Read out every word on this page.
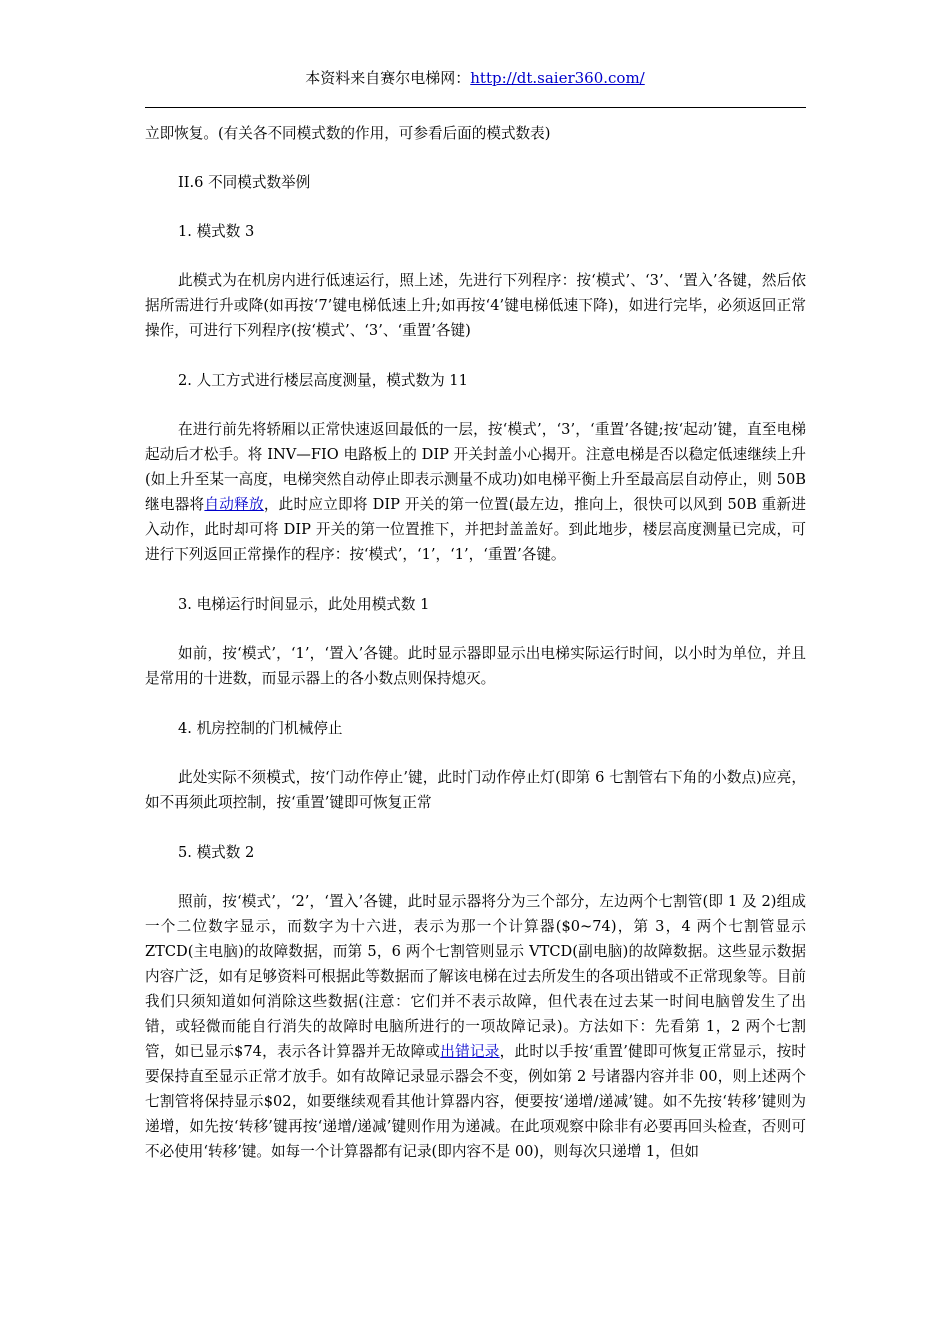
本资料来自赛尔电梯网：http://dt.saier360.com/

立即恢复。(有关各不同模式数的作用，可参看后面的模式数表)

II.6 不同模式数举例

1. 模式数 3

此模式为在机房内进行低速运行，照上述，先进行下列程序：按‘模式’、‘3’、‘置入’各键，然后依据所需进行升或降(如再按‘7’键电梯低速上升;如再按‘4’键电梯低速下降)，如进行完毕，必须返回正常操作，可进行下列程序(按‘模式’、‘3’、‘重置’各键)

2. 人工方式进行楼层高度测量，模式数为 11

在进行前先将轿厢以正常快速返回最低的一层，按‘模式’，‘3’，‘重置’各键;按‘起动’键，直至电梯起动后才松手。将 INV—FIO 电路板上的 DIP 开关封盖小心揭开。注意电梯是否以稳定低速继续上升(如上升至某一高度，电梯突然自动停止即表示测量不成功)如电梯平衡上升至最高层自动停止，则 50B 继电器将自动释放，此时应立即将 DIP 开关的第一位置(最左边，推向上，很快可以风到 50B 重新进入动作，此时却可将 DIP 开关的第一位置推下，并把封盖盖好。到此地步，楼层高度测量已完成，可进行下列返回正常操作的程序：按‘模式’，‘1’，‘1’，‘重置’各键。

3. 电梯运行时间显示，此处用模式数 1

如前，按‘模式’，‘1’，‘置入’各键。此时显示器即显示出电梯实际运行时间，以小时为单位，并且是常用的十进数，而显示器上的各小数点则保持熄灭。

4. 机房控制的门机械停止

此处实际不须模式，按‘门动作停止’键，此时门动作停止灯(即第 6 七割管右下角的小数点)应亮，如不再须此项控制，按‘重置’键即可恢复正常

5. 模式数 2

照前，按‘模式’，‘2’，‘置入’各键，此时显示器将分为三个部分，左边两个七割管(即 1 及 2)组成一个二位数字显示，而数字为十六进，表示为那一个计算器($0~74)，第 3，4 两个七割管显示 ZTCD(主电脑)的故障数据，而第 5，6 两个七割管则显示 VTCD(副电脑)的故障数据。这些显示数据内容广泛，如有足够资料可根据此等数据而了解该电梯在过去所发生的各项出错或不正常现象等。目前我们只须知道如何消除这些数据(注意：它们并不表示故障，但代表在过去某一时间电脑曾发生了出错，或轻微而能自行消失的故障时电脑所进行的一项故障记录)。方法如下：先看第 1，2 两个七割管，如已显示$74，表示各计算器并无故障或出错记录，此时以手按‘重置’健即可恢复正常显示，按时要保持直至显示正常才放手。如有故障记录显示器会不变，例如第 2 号诸器内容并非 00，则上述两个七割管将保持显示$02，如要继续观看其他计算器内容，便要按‘递增/递减’键。如不先按‘转移’键则为递增，如先按‘转移’键再按‘递增/递减’键则作用为递减。在此项观察中除非有必要再回头检查，否则可不必使用‘转移’键。如每一个计算器都有记录(即内容不是 00)，则每次只递增 1，但如
